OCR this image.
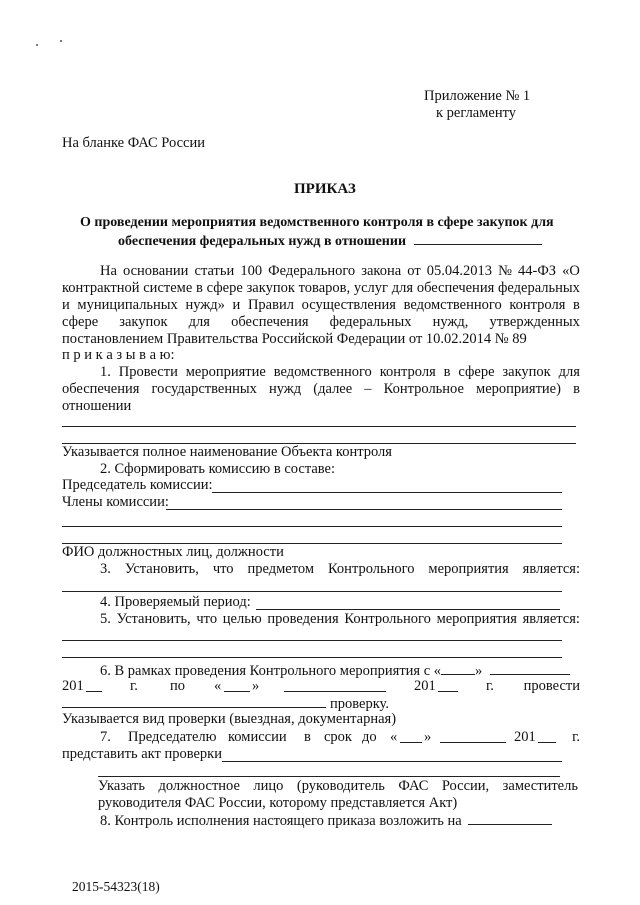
Приложение № 1
к регламенту
На бланке ФАС России
ПРИКАЗ
О проведении мероприятия ведомственного контроля в сфере закупок для
обеспечения федеральных нужд в отношении
На основании статьи 100 Федерального закона от 05.04.2013 № 44-ФЗ «О
контрактной системе в сфере закупок товаров, услуг для обеспечения федеральных
и муниципальных нужд» и Правил осуществления ведомственного контроля в
сфере закупок для обеспечения федеральных нужд, утвержденных
постановлением Правительства Российской Федерации от 10.02.2014 № 89
п р и к а з ы в а ю:
1. Провести мероприятие ведомственного контроля в сфере закупок для
обеспечения государственных нужд (далее – Контрольное мероприятие) в
отношении
Указывается полное наименование Объекта контроля
2. Сформировать комиссию в составе:
Председатель комиссии:
Члены комиссии:
ФИО должностных лиц, должности
3. Установить, что предметом Контрольного мероприятия является:
4. Проверяемый период:
5. Установить, что целью проведения Контрольного мероприятия является:
6. В рамках проведения Контрольного мероприятия с « »
201	г. по « »	201	г. провести
проверку.
Указывается вид проверки (выездная, документарная)
7. Председателю комиссии в срок до « »	201	г.
представить акт проверки
Указать должностное лицо (руководитель ФАС России, заместитель
руководителя ФАС России, которому представляется Акт)
8. Контроль исполнения настоящего приказа возложить на
2015-54323(18)
